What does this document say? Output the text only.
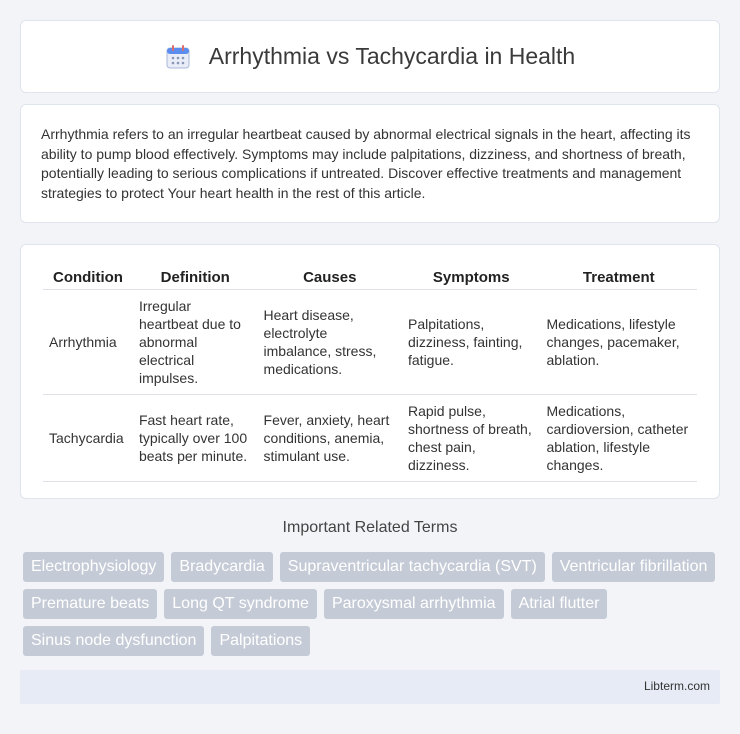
Arrhythmia vs Tachycardia in Health

Arrhythmia refers to an irregular heartbeat caused by abnormal electrical signals in the heart, affecting its ability to pump blood effectively. Symptoms may include palpitations, dizziness, and shortness of breath, potentially leading to serious complications if untreated. Discover effective treatments and management strategies to protect Your heart health in the rest of this article.

Condition	Definition	Causes	Symptoms	Treatment
Arrhythmia	Irregular heartbeat due to abnormal electrical impulses.	Heart disease, electrolyte imbalance, stress, medications.	Palpitations, dizziness, fainting, fatigue.	Medications, lifestyle changes, pacemaker, ablation.
Tachycardia	Fast heart rate, typically over 100 beats per minute.	Fever, anxiety, heart conditions, anemia, stimulant use.	Rapid pulse, shortness of breath, chest pain, dizziness.	Medications, cardioversion, catheter ablation, lifestyle changes.
Important Related Terms
Electrophysiology	Bradycardia	Supraventricular tachycardia (SVT)	Ventricular fibrillation
Premature beats	Long QT syndrome	Paroxysmal arrhythmia	Atrial flutter
Sinus node dysfunction	Palpitations
Libterm.com
